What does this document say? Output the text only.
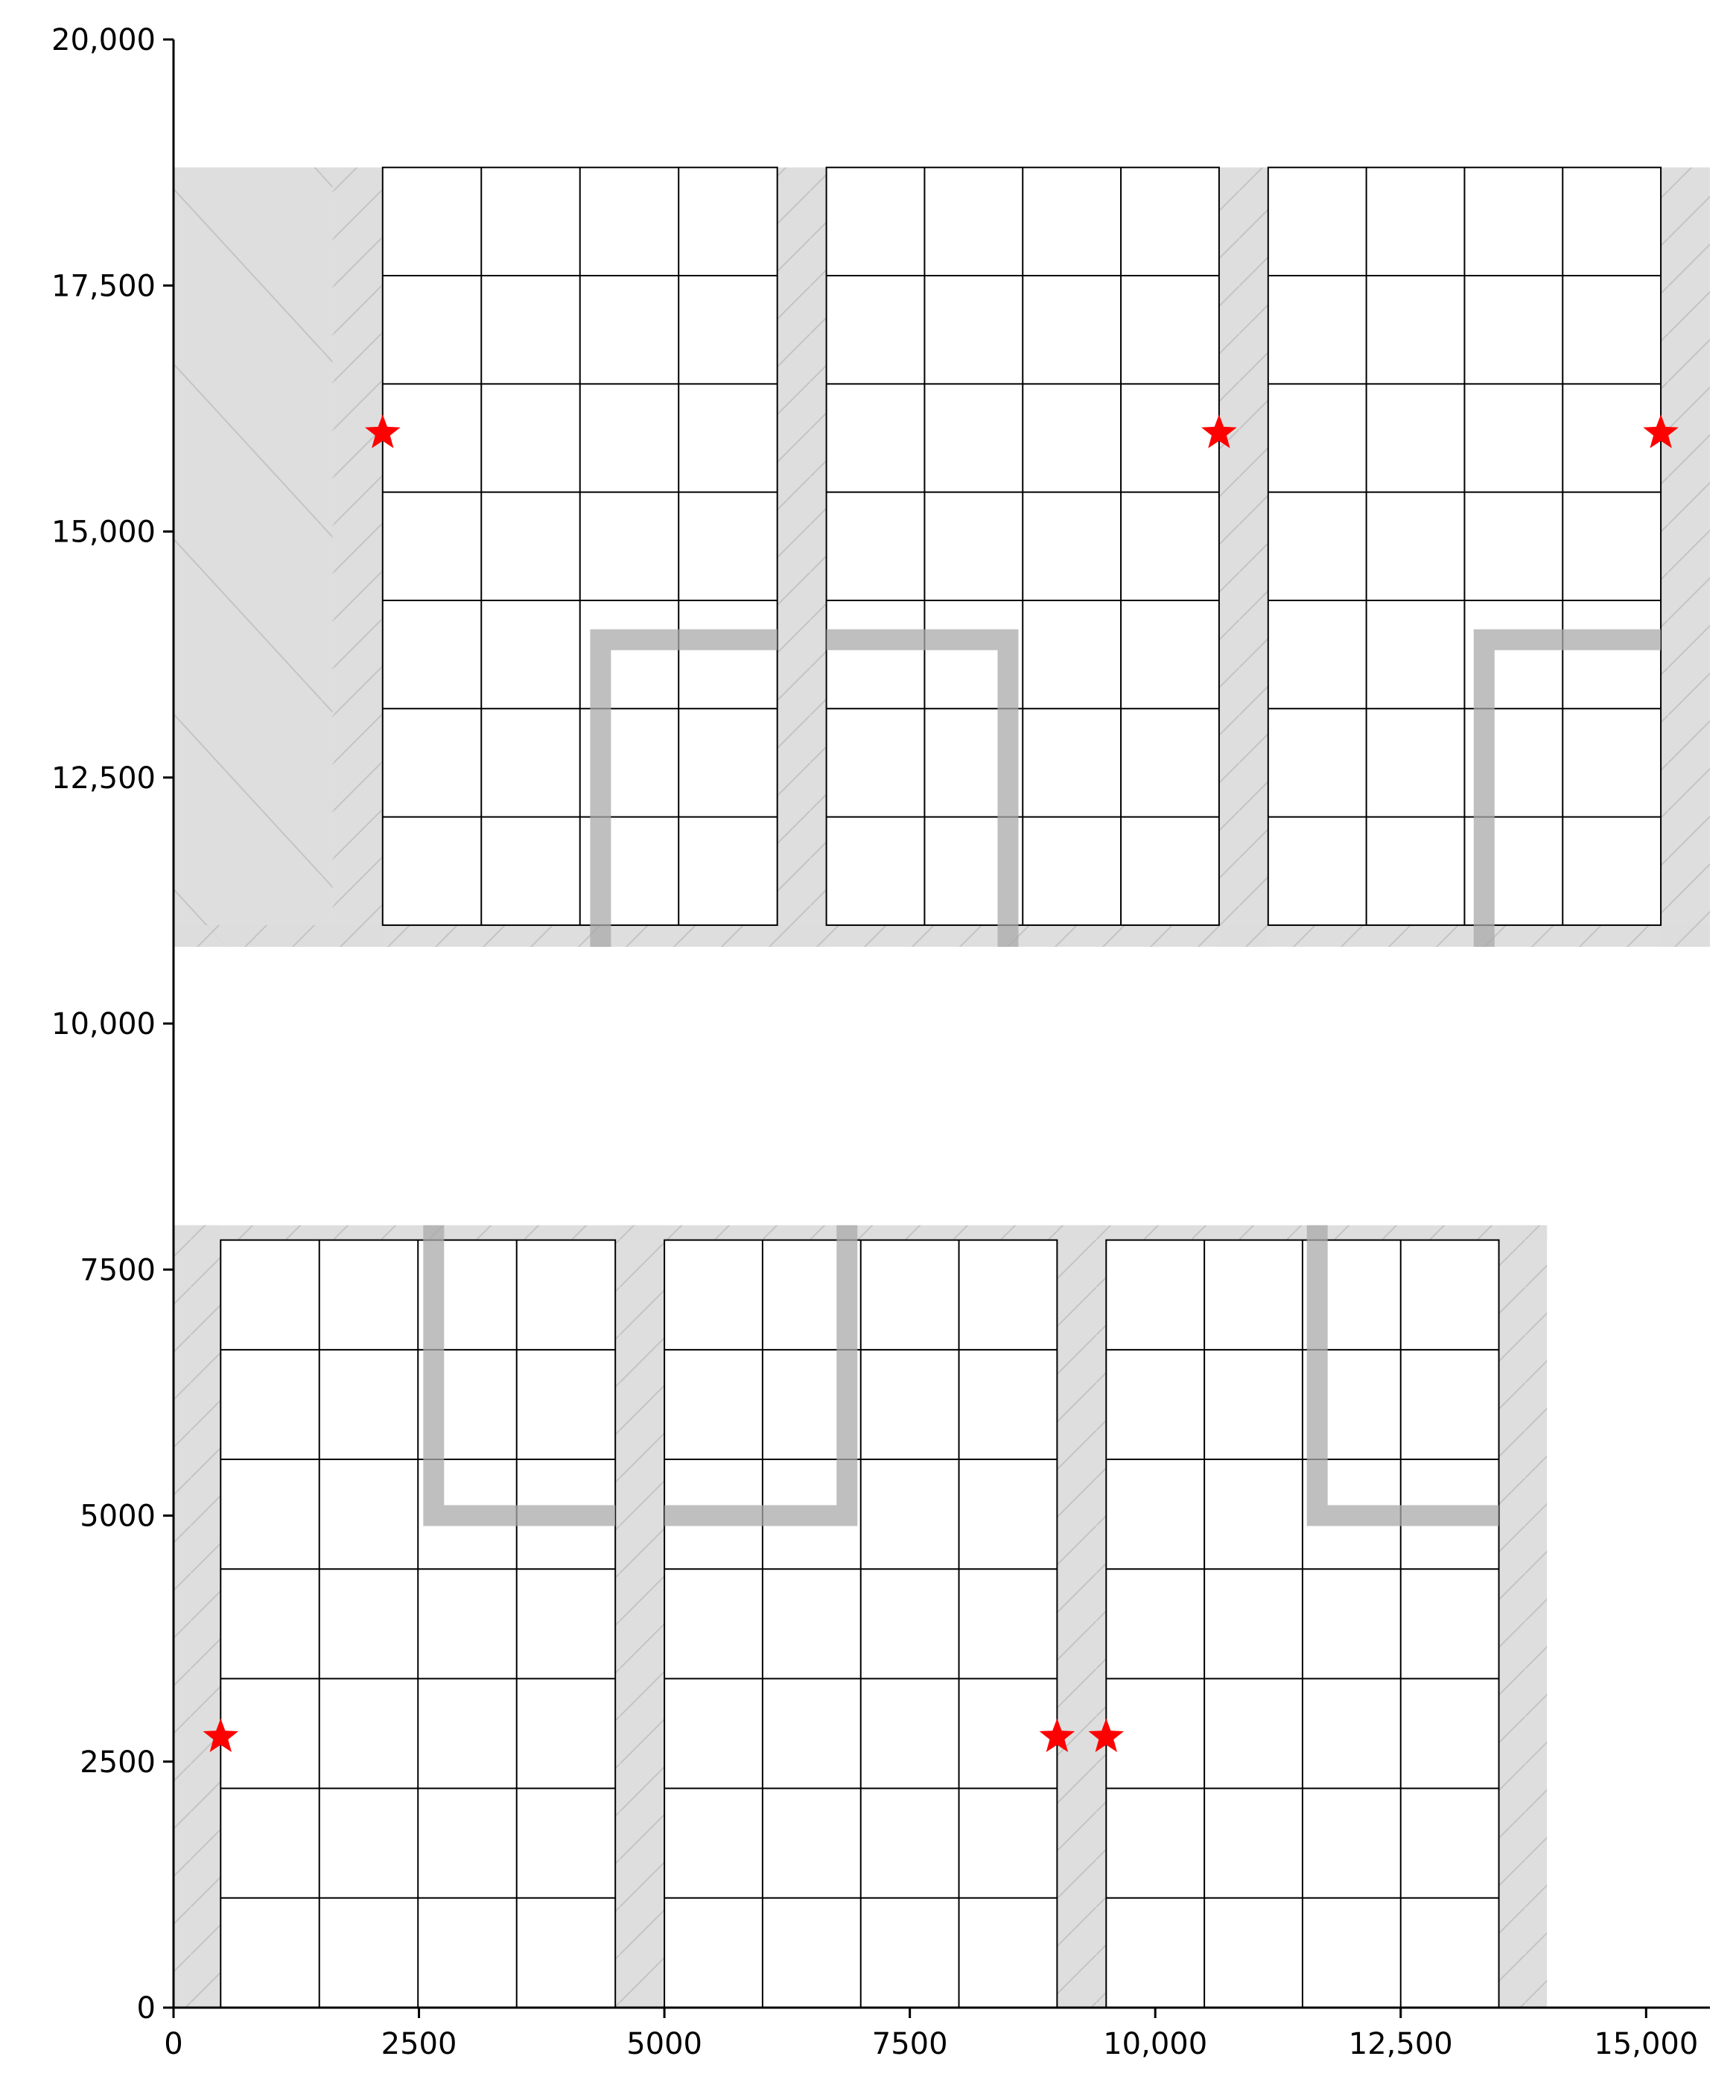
0	2500	5000	7500	10,000	12,500	15,000
0
2500
5000
7500
10,000
12,500
15,000
17,500
20,000
